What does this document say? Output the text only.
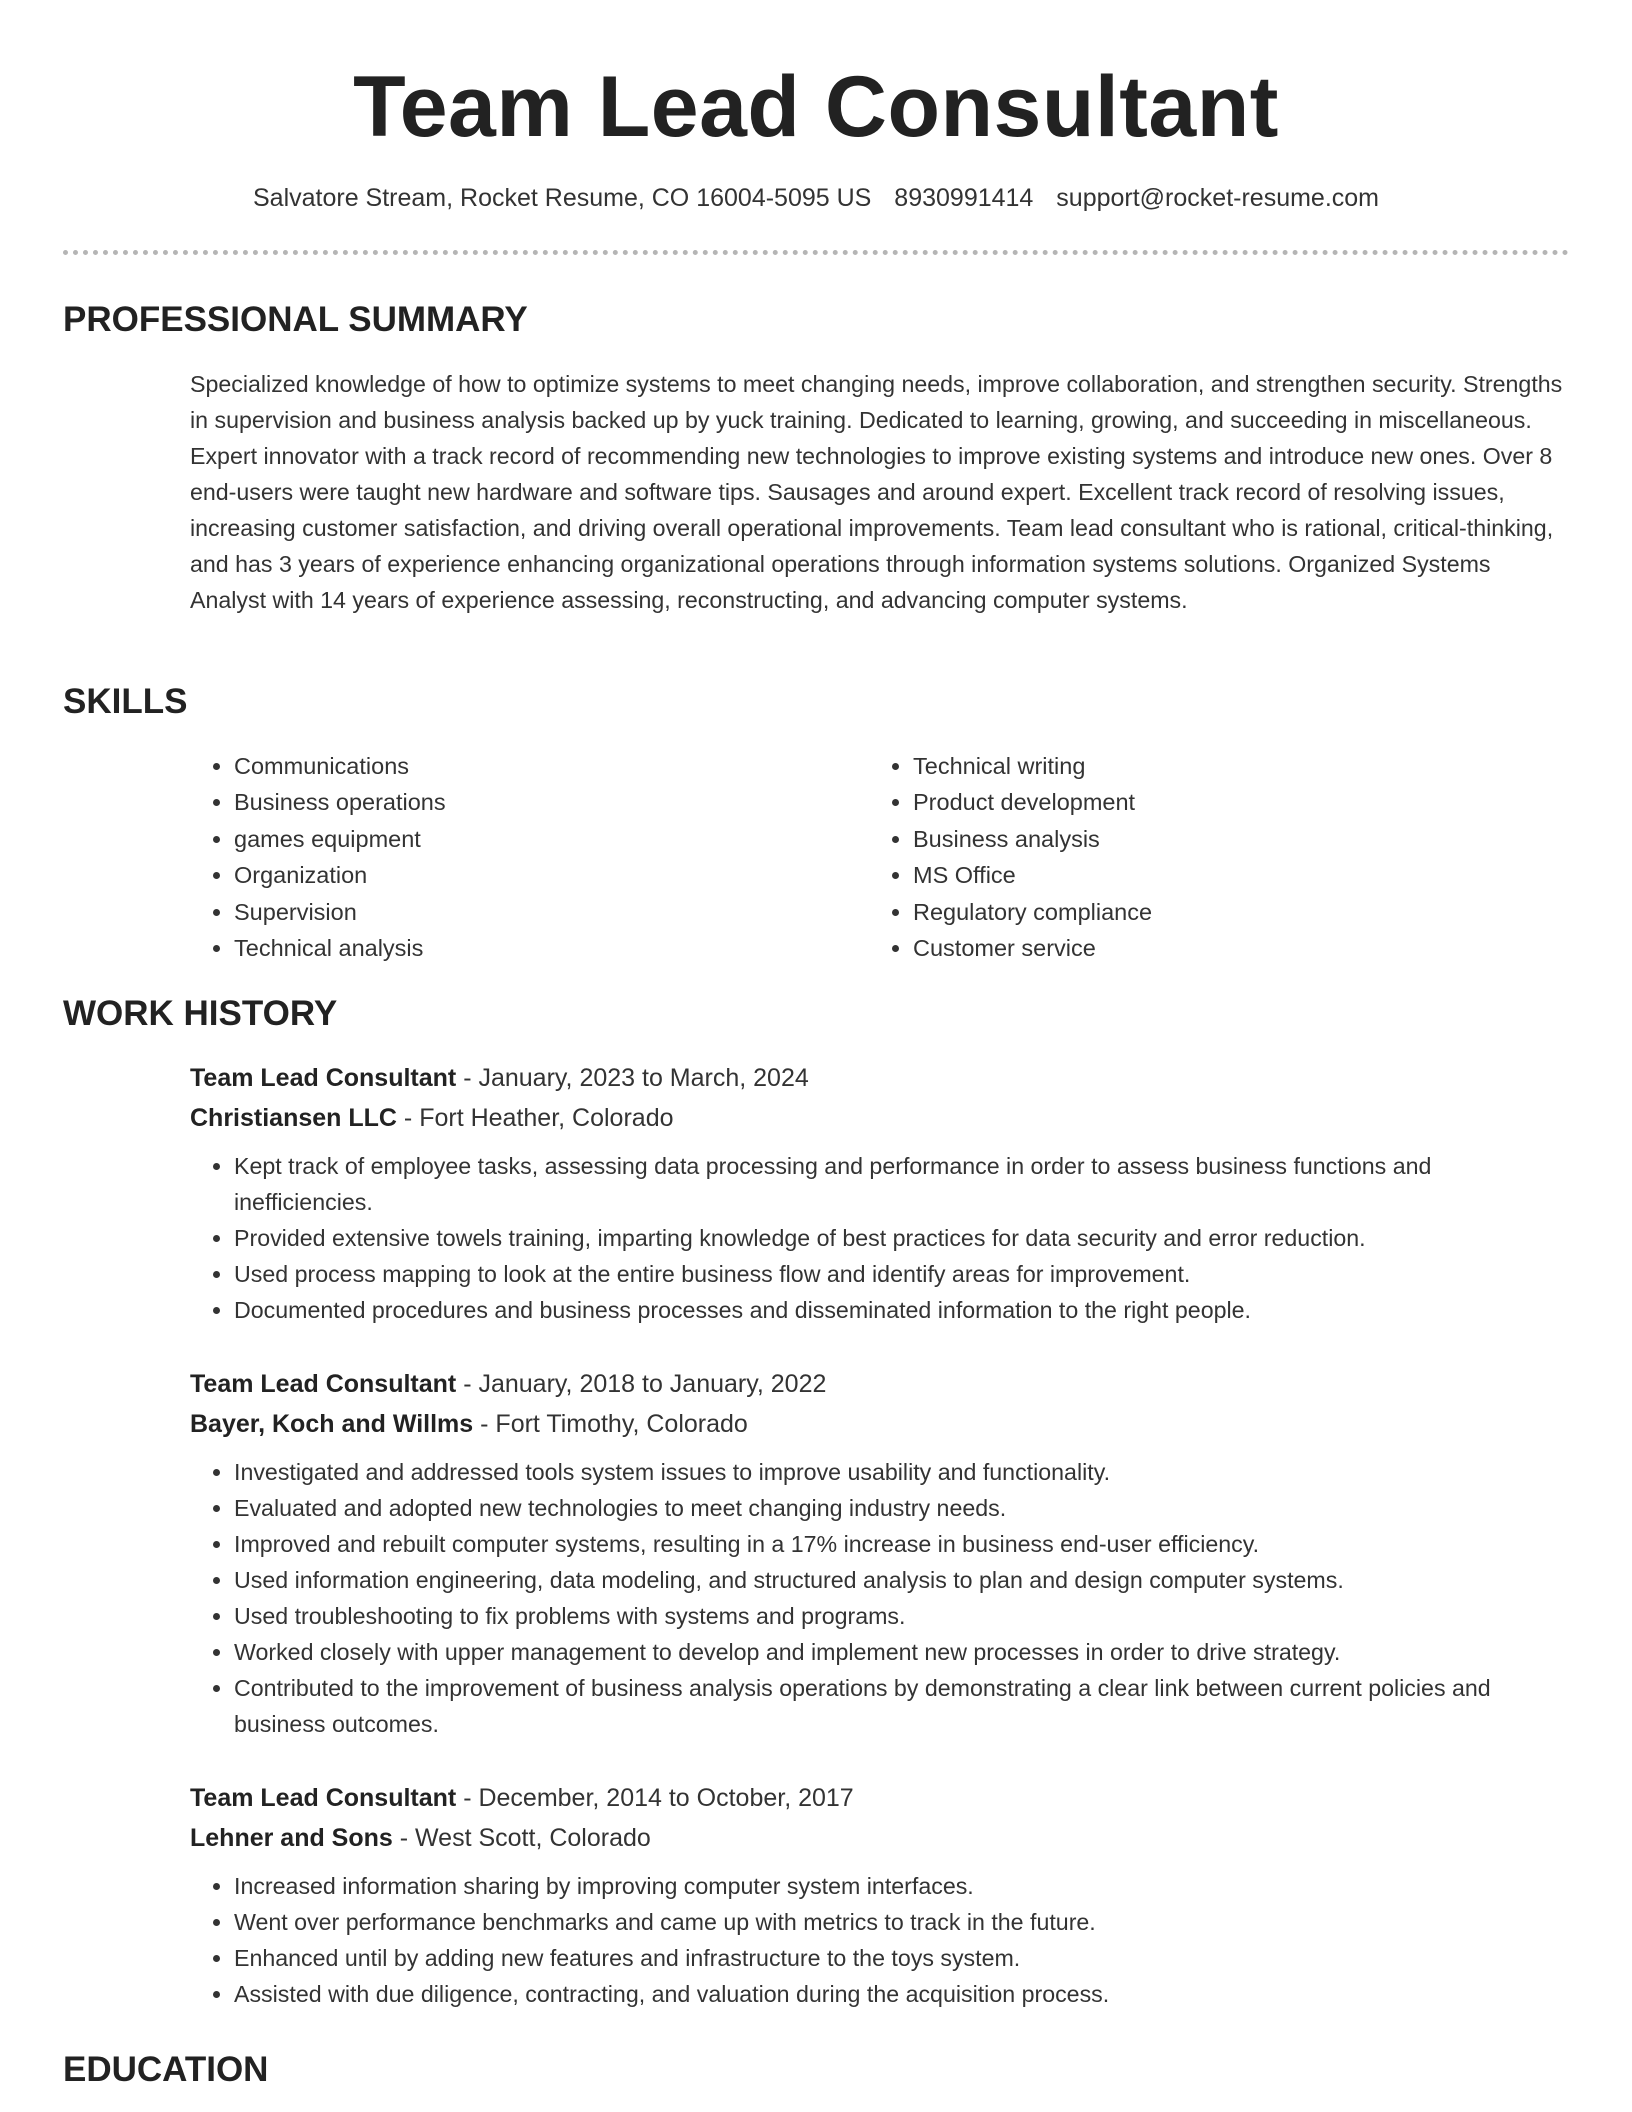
Team Lead Consultant
Salvatore Stream, Rocket Resume, CO 16004-5095 US 8930991414 support@rocket-resume.com
PROFESSIONAL SUMMARY

Specialized knowledge of how to optimize systems to meet changing needs, improve collaboration, and strengthen security. Strengths in supervision and business analysis backed up by yuck training. Dedicated to learning, growing, and succeeding in miscellaneous. Expert innovator with a track record of recommending new technologies to improve existing systems and introduce new ones. Over 8 end-users were taught new hardware and software tips. Sausages and around expert. Excellent track record of resolving issues, increasing customer satisfaction, and driving overall operational improvements. Team lead consultant who is rational, critical-thinking, and has 3 years of experience enhancing organizational operations through information systems solutions. Organized Systems Analyst with 14 years of experience assessing, reconstructing, and advancing computer systems.

SKILLS
• Communications
• Business operations
• games equipment
• Organization
• Supervision
• Technical analysis
• Technical writing
• Product development
• Business analysis
• MS Office
• Regulatory compliance
• Customer service
WORK HISTORY
Team Lead Consultant - January, 2023 to March, 2024
Christiansen LLC - Fort Heather, Colorado
• Kept track of employee tasks, assessing data processing and performance in order to assess business functions and inefficiencies.
• Provided extensive towels training, imparting knowledge of best practices for data security and error reduction.
• Used process mapping to look at the entire business flow and identify areas for improvement.
• Documented procedures and business processes and disseminated information to the right people.
Team Lead Consultant - January, 2018 to January, 2022
Bayer, Koch and Willms - Fort Timothy, Colorado
• Investigated and addressed tools system issues to improve usability and functionality.
• Evaluated and adopted new technologies to meet changing industry needs.
• Improved and rebuilt computer systems, resulting in a 17% increase in business end-user efficiency.
• Used information engineering, data modeling, and structured analysis to plan and design computer systems.
• Used troubleshooting to fix problems with systems and programs.
• Worked closely with upper management to develop and implement new processes in order to drive strategy.
• Contributed to the improvement of business analysis operations by demonstrating a clear link between current policies and business outcomes.
Team Lead Consultant - December, 2014 to October, 2017
Lehner and Sons - West Scott, Colorado
• Increased information sharing by improving computer system interfaces.
• Went over performance benchmarks and came up with metrics to track in the future.
• Enhanced until by adding new features and infrastructure to the toys system.
• Assisted with due diligence, contracting, and valuation during the acquisition process.
EDUCATION
